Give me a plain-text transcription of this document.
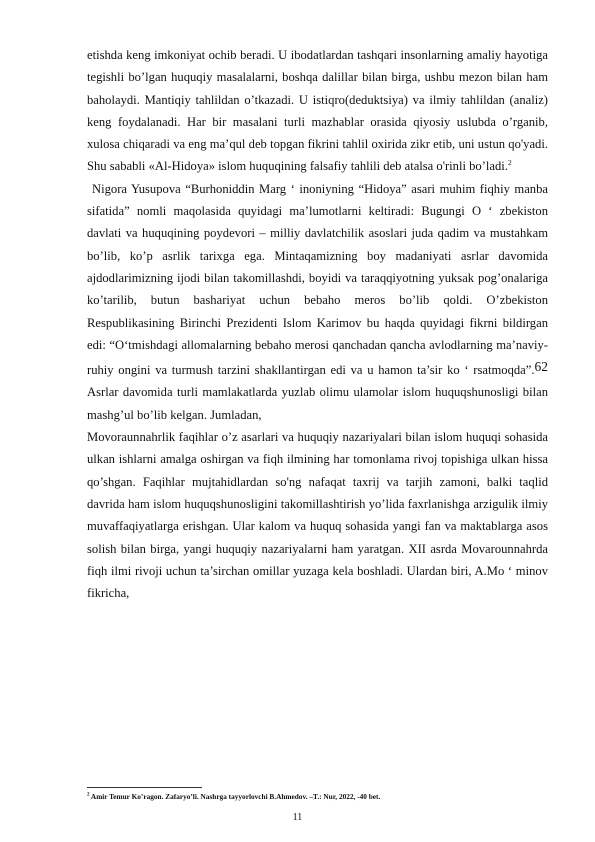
etishda keng imkoniyat ochib beradi. U ibodatlardan tashqari insonlarning amaliy hayotiga tegishli bo’lgan huquqiy masalalarni, boshqa dalillar bilan birga, ushbu mezon bilan ham baholaydi. Mantiqiy tahlildan o’tkazadi. U istiqro(deduktsiya) va ilmiy tahlildan (analiz) keng foydalanadi. Har bir masalani turli mazhablar orasida qiyosiy uslubda o’rganib, xulosa chiqaradi va eng ma’qul deb topgan fikrini tahlil oxirida zikr etib, uni ustun qo'yadi. Shu sababli «Al-Hidoya» islom huquqining falsafiy tahlili deb atalsa o'rinli bo’ladi.$^2$

Nigora Yusupova “Burhoniddin Marg ʻ inoniyning “Hidoya” asari muhim fiqhiy manba sifatida” nomli maqolasida quyidagi ma’lumotlarni keltiradi: Bugungi O ʻ zbekiston davlati va huquqining poydevori – milliy davlatchilik asoslari juda qadim va mustahkam bo’lib, ko’p asrlik tarixga ega. Mintaqamizning boy madaniyati asrlar davomida ajdodlarimizning ijodi bilan takomillashdi, boyidi va taraqqiyotning yuksak pog’onalariga ko’tarilib, butun bashariyat uchun bebaho meros bo’lib qoldi. O’zbekiston Respublikasining Birinchi Prezidenti Islom Karimov bu haqda quyidagi fikrni bildirgan edi: “O‘tmishdagi allomalarning bebaho merosi qanchadan qancha avlodlarning ma’naviy-ruhiy ongini va turmush tarzini shakllantirgan edi va u hamon ta’sir ko ʻ rsatmoqda”.62 Asrlar davomida turli mamlakatlarda yuzlab olimu ulamolar islom huquqshunosligi bilan mashg’ul bo’lib kelgan. Jumladan,

Movoraunnahrlik faqihlar o’z asarlari va huquqiy nazariyalari bilan islom huquqi sohasida ulkan ishlarni amalga oshirgan va fiqh ilmining har tomonlama rivoj topishiga ulkan hissa qo’shgan. Faqihlar mujtahidlardan so'ng nafaqat taxrij va tarjih zamoni, balki taqlid davrida ham islom huquqshunosligini takomillashtirish yo’lida faxrlanishga arzigulik ilmiy muvaffaqiyatlarga erishgan. Ular kalom va huquq sohasida yangi fan va maktablarga asos solish bilan birga, yangi huquqiy nazariyalarni ham yaratgan. XII asrda Movarounnahrda fiqh ilmi rivoji uchun ta’sirchan omillar yuzaga kela boshladi. Ulardan biri, A.Mo ʻ minov fikricha,

$^2$ Amir Temur Ko’ragon. Zafaryo’li. Nashrga tayyorlovchi B.Ahmedov. –T.: Nur, 2022, -40 bet.
11
